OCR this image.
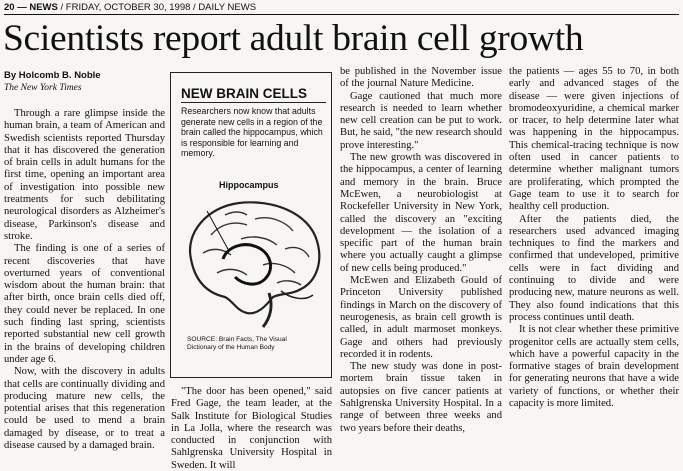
20 — NEWS / FRIDAY, OCTOBER 30, 1998 / DAILY NEWS
Scientists report adult brain cell growth
By Holcomb B. Noble
The New York Times

Through a rare glimpse inside the human brain, a team of American and Swedish scientists reported Thursday that it has discovered the generation of brain cells in adult humans for the first time, opening an important area of investigation into possible new treatments for such debilitating neurological disorders as Alzheimer's disease, Parkinson's disease and stroke.

The finding is one of a series of recent discoveries that have overturned years of conventional wisdom about the human brain: that after birth, once brain cells died off, they could never be replaced. In one such finding last spring, scientists reported substantial new cell growth in the brains of developing children under age 6.

Now, with the discovery in adults that cells are continually dividing and producing mature new cells, the potential arises that this regeneration could be used to mend a brain damaged by disease, or to treat a disease caused by a damaged brain.

NEW BRAIN CELLS
Researchers now know that adults generate new cells in a region of the brain called the hippocampus, which is responsible for learning and memory.
Hippocampus
SOURCE: Brain Facts, The Visual Dictionary of the Human Body

"The door has been opened," said Fred Gage, the team leader, at the Salk Institute for Biological Studies in La Jolla, where the research was conducted in conjunction with Sahlgrenska University Hospital in Sweden. It will

be published in the November issue of the journal Nature Medicine.

Gage cautioned that much more research is needed to learn whether new cell creation can be put to work. But, he said, "the new research should prove interesting."

The new growth was discovered in the hippocampus, a center of learning and memory in the brain. Bruce McEwen, a neurobiologist at Rockefeller University in New York, called the discovery an "exciting development — the isolation of a specific part of the human brain where you actually caught a glimpse of new cells being produced."

McEwen and Elizabeth Gould of Princeton University published findings in March on the discovery of neurogenesis, as brain cell growth is called, in adult marmoset monkeys. Gage and others had previously recorded it in rodents.

The new study was done in post-mortem brain tissue taken in autopsies on five cancer patients at Sahlgrenska University Hospital. In a range of between three weeks and two years before their deaths,

the patients — ages 55 to 70, in both early and advanced stages of the disease — were given injections of bromodeoxyuridine, a chemical marker or tracer, to help determine later what was happening in the hippocampus. This chemical-tracing technique is now often used in cancer patients to determine whether malignant tumors are proliferating, which prompted the Gage team to use it to search for healthy cell production.

After the patients died, the researchers used advanced imaging techniques to find the markers and confirmed that undeveloped, primitive cells were in fact dividing and continuing to divide and were producing new, mature neurons as well. They also found indications that this process continues until death.

It is not clear whether these primitive progenitor cells are actually stem cells, which have a powerful capacity in the formative stages of brain development for generating neurons that have a wide variety of functions, or whether their capacity is more limited.
